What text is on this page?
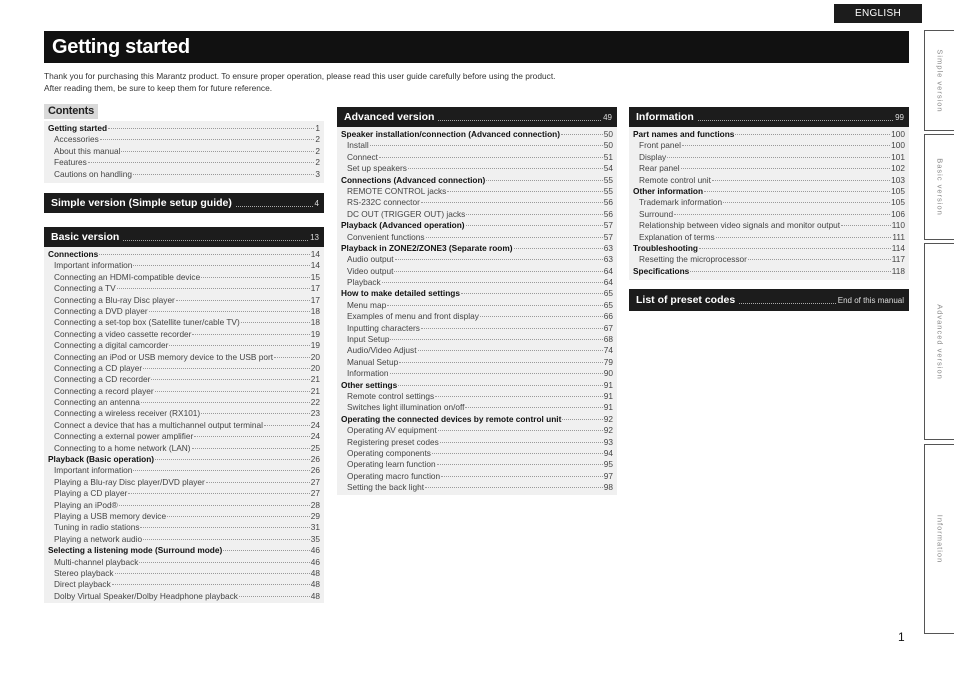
ENGLISH
Getting started
Thank you for purchasing this Marantz product. To ensure proper operation, please read this user guide carefully before using the product.
After reading them, be sure to keep them for future reference.
Contents
Getting started	1
Accessories	2
About this manual	2
Features	2
Cautions on handling	3
Simple version (Simple setup guide)	4
Basic version	13
Connections	14
Important information	14
Connecting an HDMI-compatible device	15
Connecting a TV	17
Connecting a Blu-ray Disc player	17
Connecting a DVD player	18
Connecting a set-top box (Satellite tuner/cable TV)	18
Connecting a video cassette recorder	19
Connecting a digital camcorder	19
Connecting an iPod or USB memory device to the USB port	20
Connecting a CD player	20
Connecting a CD recorder	21
Connecting a record player	21
Connecting an antenna	22
Connecting a wireless receiver (RX101)	23
Connect a device that has a multichannel output terminal	24
Connecting a external power amplifier	24
Connecting to a home network (LAN)	25
Playback (Basic operation)	26
Important information	26
Playing a Blu-ray Disc player/DVD player	27
Playing a CD player	27
Playing an iPod®	28
Playing a USB memory device	29
Tuning in radio stations	31
Playing a network audio	35
Selecting a listening mode (Surround mode)	46
Multi-channel playback	46
Stereo playback	48
Direct playback	48
Dolby Virtual Speaker/Dolby Headphone playback	48
Advanced version	49
Speaker installation/connection (Advanced connection)	50
Install	50
Connect	51
Set up speakers	54
Connections (Advanced connection)	55
REMOTE CONTROL jacks	55
RS-232C connector	56
DC OUT (TRIGGER OUT) jacks	56
Playback (Advanced operation)	57
Convenient functions	57
Playback in ZONE2/ZONE3 (Separate room)	63
Audio output	63
Video output	64
Playback	64
How to make detailed settings	65
Menu map	65
Examples of menu and front display	66
Inputting characters	67
Input Setup	68
Audio/Video Adjust	74
Manual Setup	79
Information	90
Other settings	91
Remote control settings	91
Switches light illumination on/off	91
Operating the connected devices by remote control unit	92
Operating AV equipment	92
Registering preset codes	93
Operating components	94
Operating learn function	95
Operating macro function	97
Setting the back light	98
Information	99
Part names and functions	100
Front panel	100
Display	101
Rear panel	102
Remote control unit	103
Other information	105
Trademark information	105
Surround	106
Relationship between video signals and monitor output	110
Explanation of terms	111
Troubleshooting	114
Resetting the microprocessor	117
Specifications	118
List of preset codes	End of this manual
Simple version
Basic version
Advanced version
Information
1
